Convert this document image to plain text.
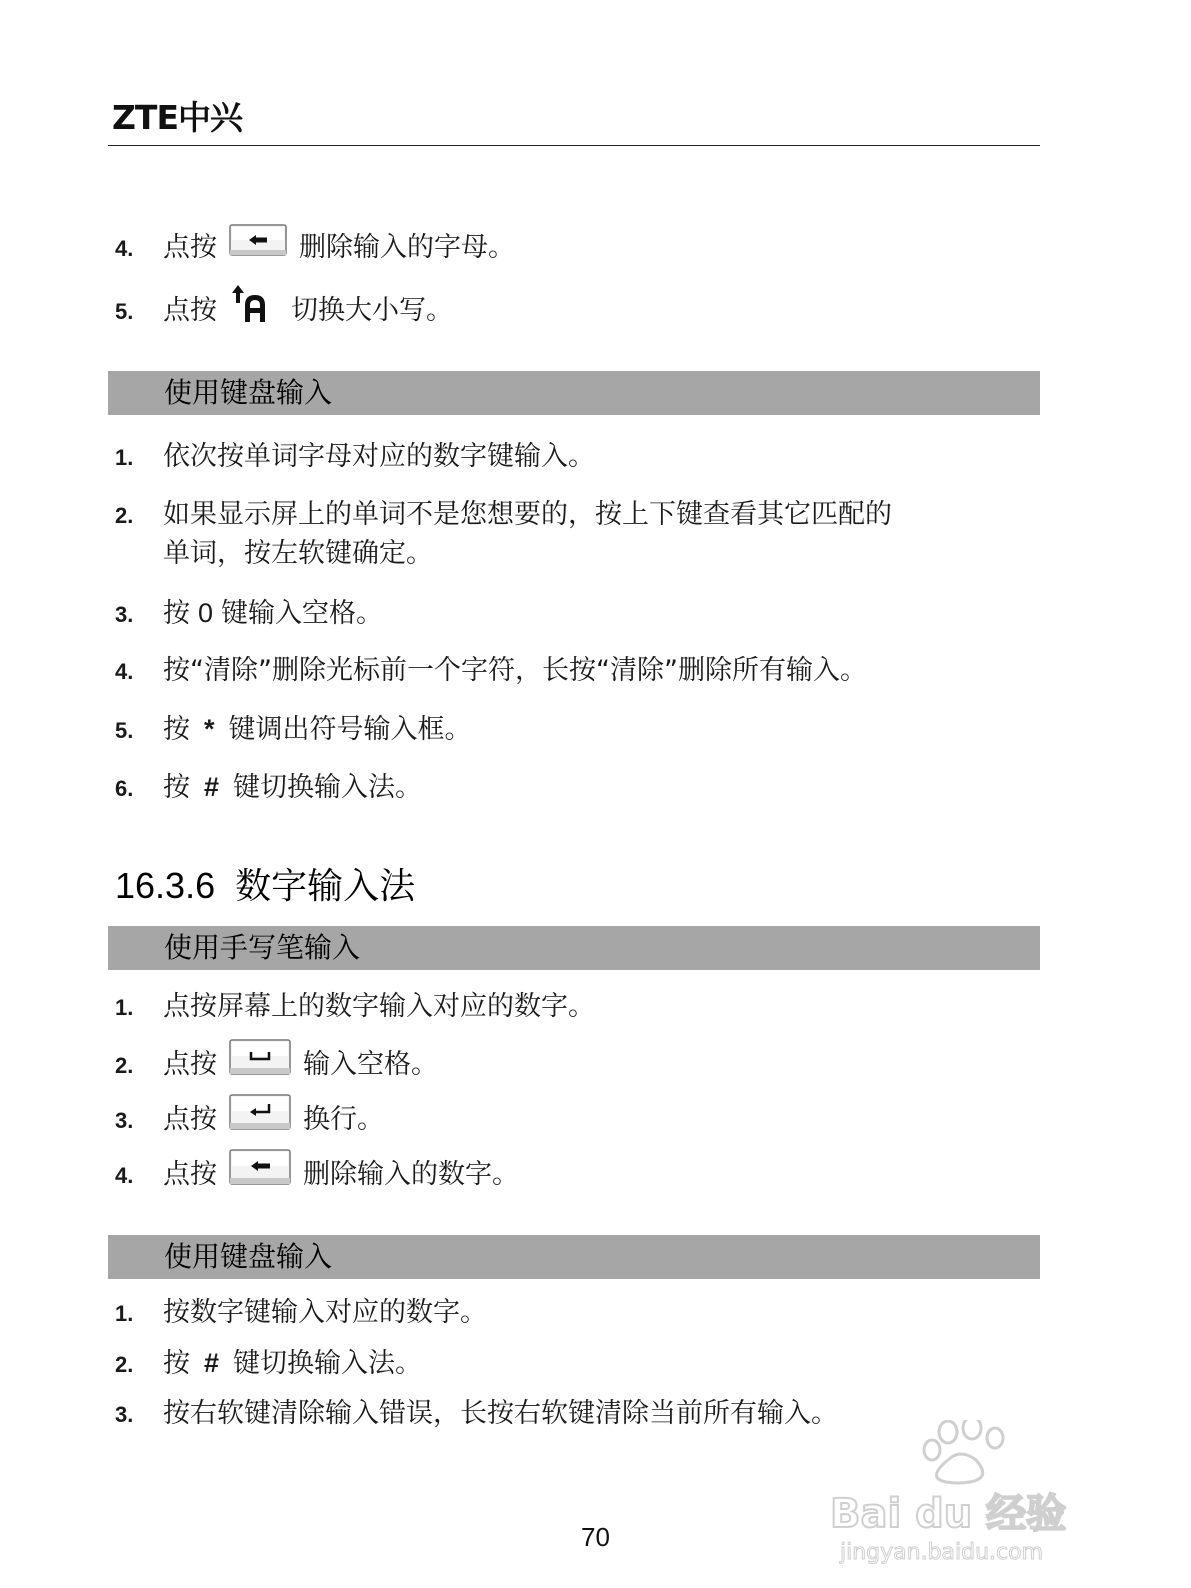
ZTE中兴
4. 点按	删除输入的字母。
5. 点按	切换大小写。
使用键盘输入
1. 依次按单词字母对应的数字键输入。
2. 如果显示屏上的单词不是您想要的，按上下键查看其它匹配的
单词，按左软键确定。
3. 按 0 键输入空格。
4. 按“清除”删除光标前一个字符，长按“清除”删除所有输入。
5. 按 * 键调出符号输入框。
6. 按 # 键切换输入法。
16.3.6 数字输入法
使用手写笔输入
1. 点按屏幕上的数字输入对应的数字。
2. 点按	输入空格。
3. 点按	换行。
4. 点按	删除输入的数字。
使用键盘输入
1. 按数字键输入对应的数字。
2. 按 # 键切换输入法。
3. 按右软键清除输入错误，长按右软键清除当前所有输入。
70	Bai du 经验
jingyan.baidu.com
